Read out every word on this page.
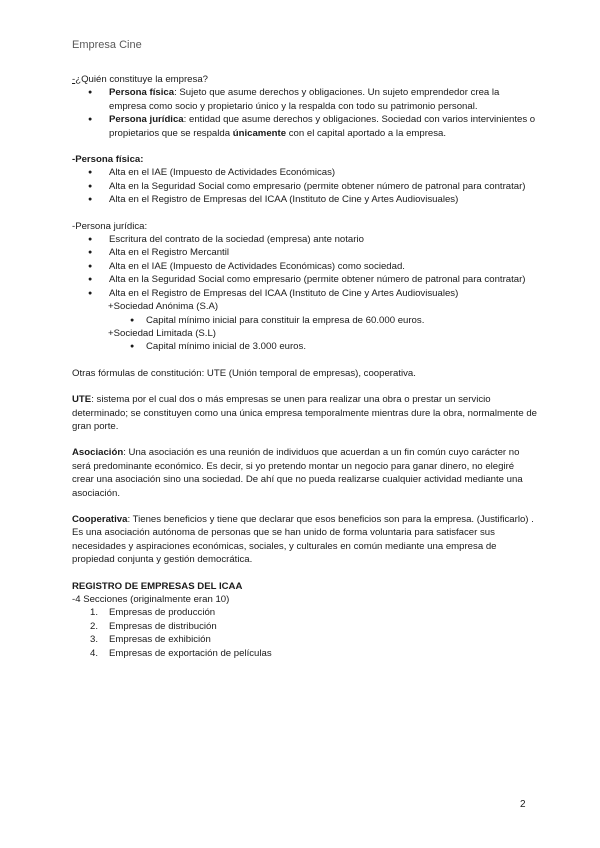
Empresa Cine

-¿Quién constituye la empresa?

● Persona física: Sujeto que asume derechos y obligaciones. Un sujeto emprendedor crea la empresa como socio y propietario único y la respalda con todo su patrimonio personal.
● Persona jurídica: entidad que asume derechos y obligaciones. Sociedad con varios intervinientes o propietarios que se respalda únicamente con el capital aportado a la empresa.

-Persona física:

● Alta en el IAE (Impuesto de Actividades Económicas)
● Alta en la Seguridad Social como empresario (permite obtener número de patronal para contratar)
● Alta en el Registro de Empresas del ICAA (Instituto de Cine y Artes Audiovisuales)

-Persona jurídica:

● Escritura del contrato de la sociedad (empresa) ante notario
● Alta en el Registro Mercantil
● Alta en el IAE (Impuesto de Actividades Económicas) como sociedad.
● Alta en la Seguridad Social como empresario (permite obtener número de patronal para contratar)
● Alta en el Registro de Empresas del ICAA (Instituto de Cine y Artes Audiovisuales)

+Sociedad Anónima (S.A)

● Capital mínimo inicial para constituir la empresa de 60.000 euros.

+Sociedad Limitada (S.L)

● Capital mínimo inicial de 3.000 euros.

Otras fórmulas de constitución: UTE (Unión temporal de empresas), cooperativa.

UTE: sistema por el cual dos o más empresas se unen para realizar una obra o prestar un servicio determinado; se constituyen como una única empresa temporalmente mientras dure la obra, normalmente de gran porte.

Asociación: Una asociación es una reunión de individuos que acuerdan a un fin común cuyo carácter no será predominante económico. Es decir, si yo pretendo montar un negocio para ganar dinero, no elegiré crear una asociación sino una sociedad. De ahí que no pueda realizarse cualquier actividad mediante una asociación.

Cooperativa: Tienes beneficios y tiene que declarar que esos beneficios son para la empresa. (Justificarlo) . Es una asociación autónoma de personas que se han unido de forma voluntaria para satisfacer sus necesidades y aspiraciones económicas, sociales, y culturales en común mediante una empresa de propiedad conjunta y gestión democrática.

REGISTRO DE EMPRESAS DEL ICAA

-4 Secciones (originalmente eran 10)

1. Empresas de producción
2. Empresas de distribución
3. Empresas de exhibición
4. Empresas de exportación de películas
2
